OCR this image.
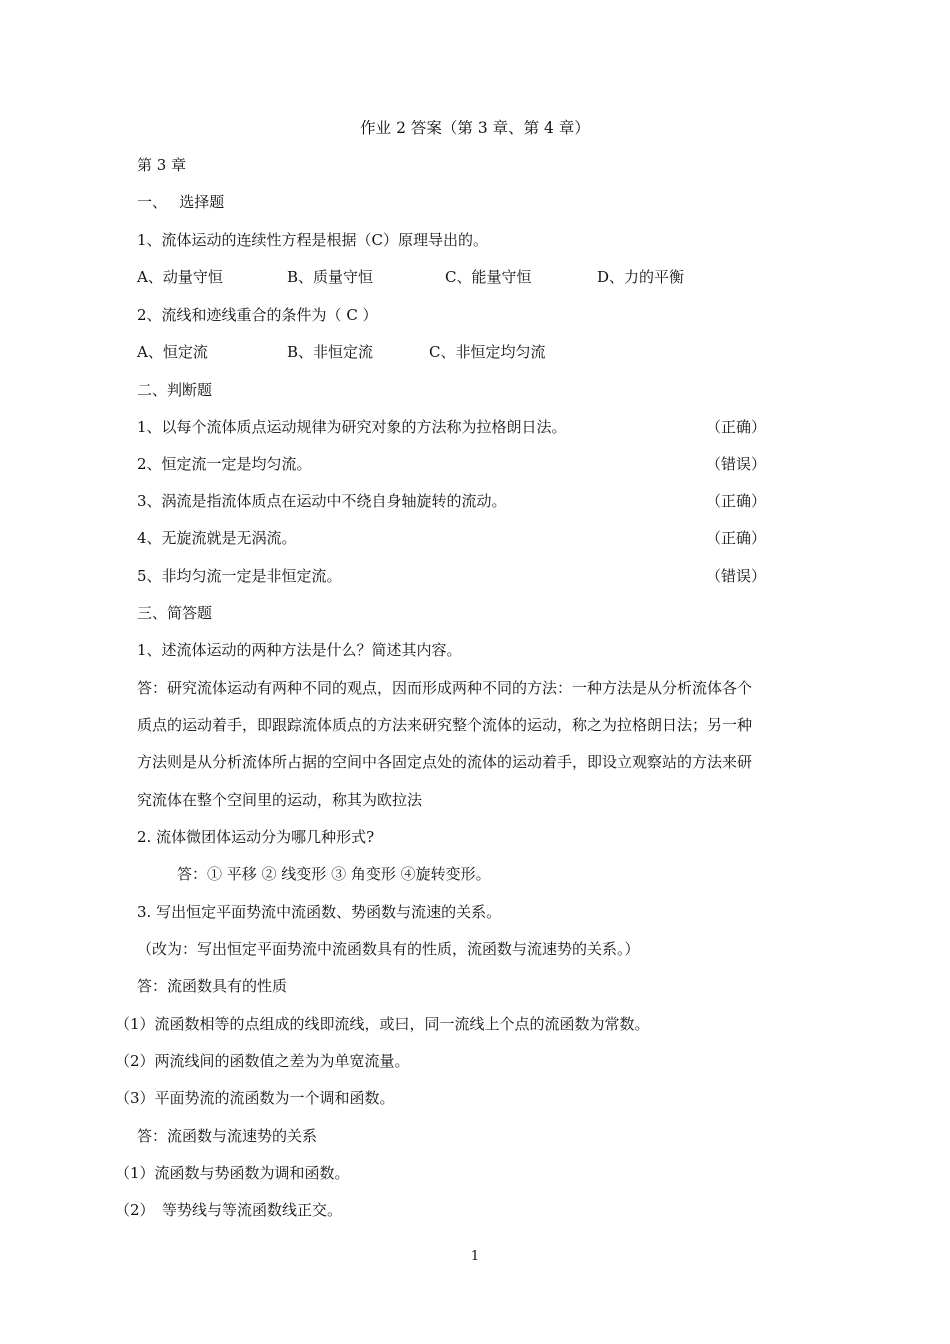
作业 2 答案（第 3 章、第 4 章）
第 3 章
一、　 选择题
1、流体运动的连续性方程是根据（C）原理导出的。
A、动量守恒	B、质量守恒	C、能量守恒	D、力的平衡
2、流线和迹线重合的条件为（ C ）
A、恒定流	B、非恒定流	C、非恒定均匀流
二、判断题
1、以每个流体质点运动规律为研究对象的方法称为拉格朗日法。	（正确）
2、恒定流一定是均匀流。	（错误）
3、涡流是指流体质点在运动中不绕自身轴旋转的流动。	（正确）
4、无旋流就是无涡流。	（正确）
5、非均匀流一定是非恒定流。	（错误）
三、简答题
1、述流体运动的两种方法是什么？简述其内容。
答：研究流体运动有两种不同的观点，因而形成两种不同的方法：一种方法是从分析流体各个
质点的运动着手，即跟踪流体质点的方法来研究整个流体的运动，称之为拉格朗日法；另一种
方法则是从分析流体所占据的空间中各固定点处的流体的运动着手，即设立观察站的方法来研
究流体在整个空间里的运动，称其为欧拉法
2. 流体微团体运动分为哪几种形式?
答：① 平移 ② 线变形 ③ 角变形 ④旋转变形。
3. 写出恒定平面势流中流函数、势函数与流速的关系。
（改为：写出恒定平面势流中流函数具有的性质，流函数与流速势的关系。）
答：流函数具有的性质
（1）流函数相等的点组成的线即流线，或曰，同一流线上个点的流函数为常数。
（2）两流线间的函数值之差为为单宽流量。
（3）平面势流的流函数为一个调和函数。
答：流函数与流速势的关系
（1）流函数与势函数为调和函数。
（2）　等势线与等流函数线正交。
1
